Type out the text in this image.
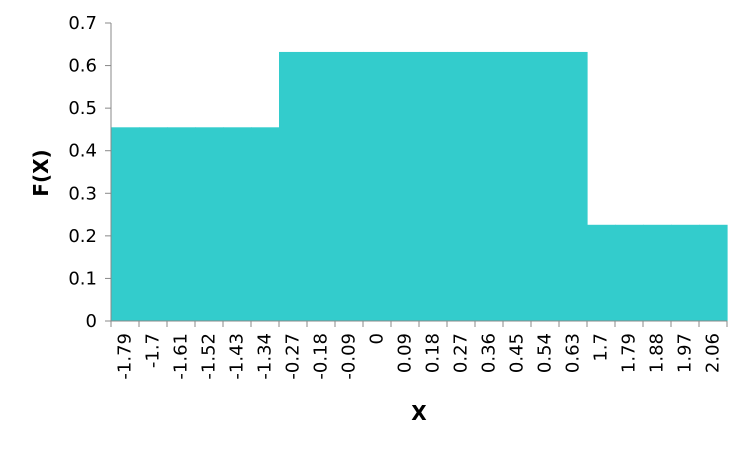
0
0.1
0.2
0.3
0.4
0.5
0.6
0.7
-1.79 -1.7 -1.61 -1.52 -1.43 -1.34 -0.27 -0.18 -0.09 0 0.09 0.18 0.27 0.36 0.45 0.54 0.63 1.7 1.79 1.88 1.97 2.06
X
F(X)
